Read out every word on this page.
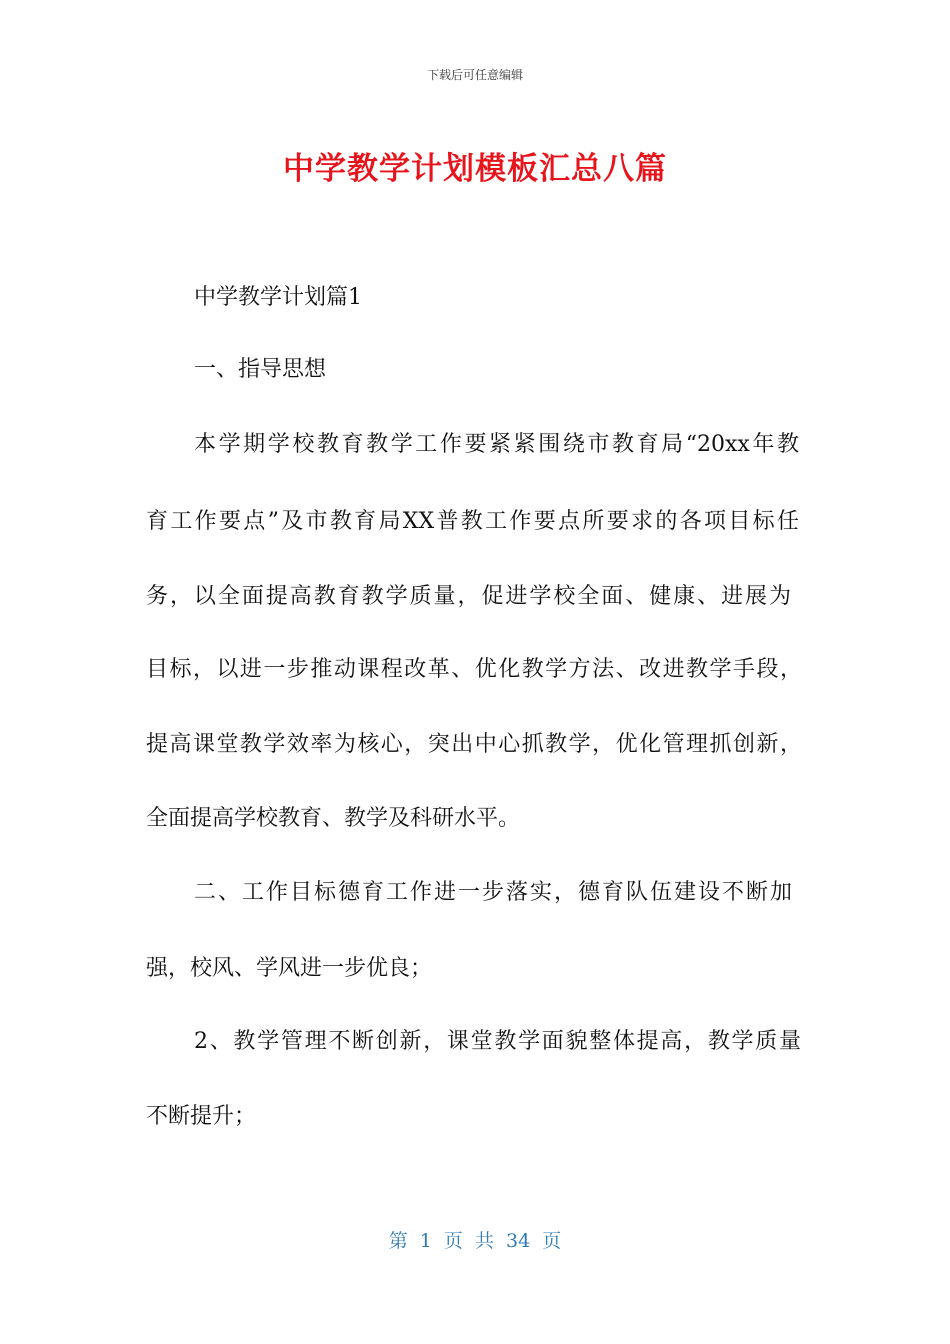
下载后可任意编辑
中学教学计划模板汇总八篇
中学教学计划篇1
一、指导思想
本学期学校教育教学工作要紧紧围绕市教育局“20xx年教
育工作要点”及市教育局XX普教工作要点所要求的各项目标任
务，以全面提高教育教学质量，促进学校全面、健康、进展为
目标，以进一步推动课程改革、优化教学方法、改进教学手段，
提高课堂教学效率为核心，突出中心抓教学，优化管理抓创新，
全面提高学校教育、教学及科研水平。
二、工作目标德育工作进一步落实，德育队伍建设不断加
强，校风、学风进一步优良；
2、教学管理不断创新，课堂教学面貌整体提高，教学质量
不断提升；
第 1 页 共 34 页
